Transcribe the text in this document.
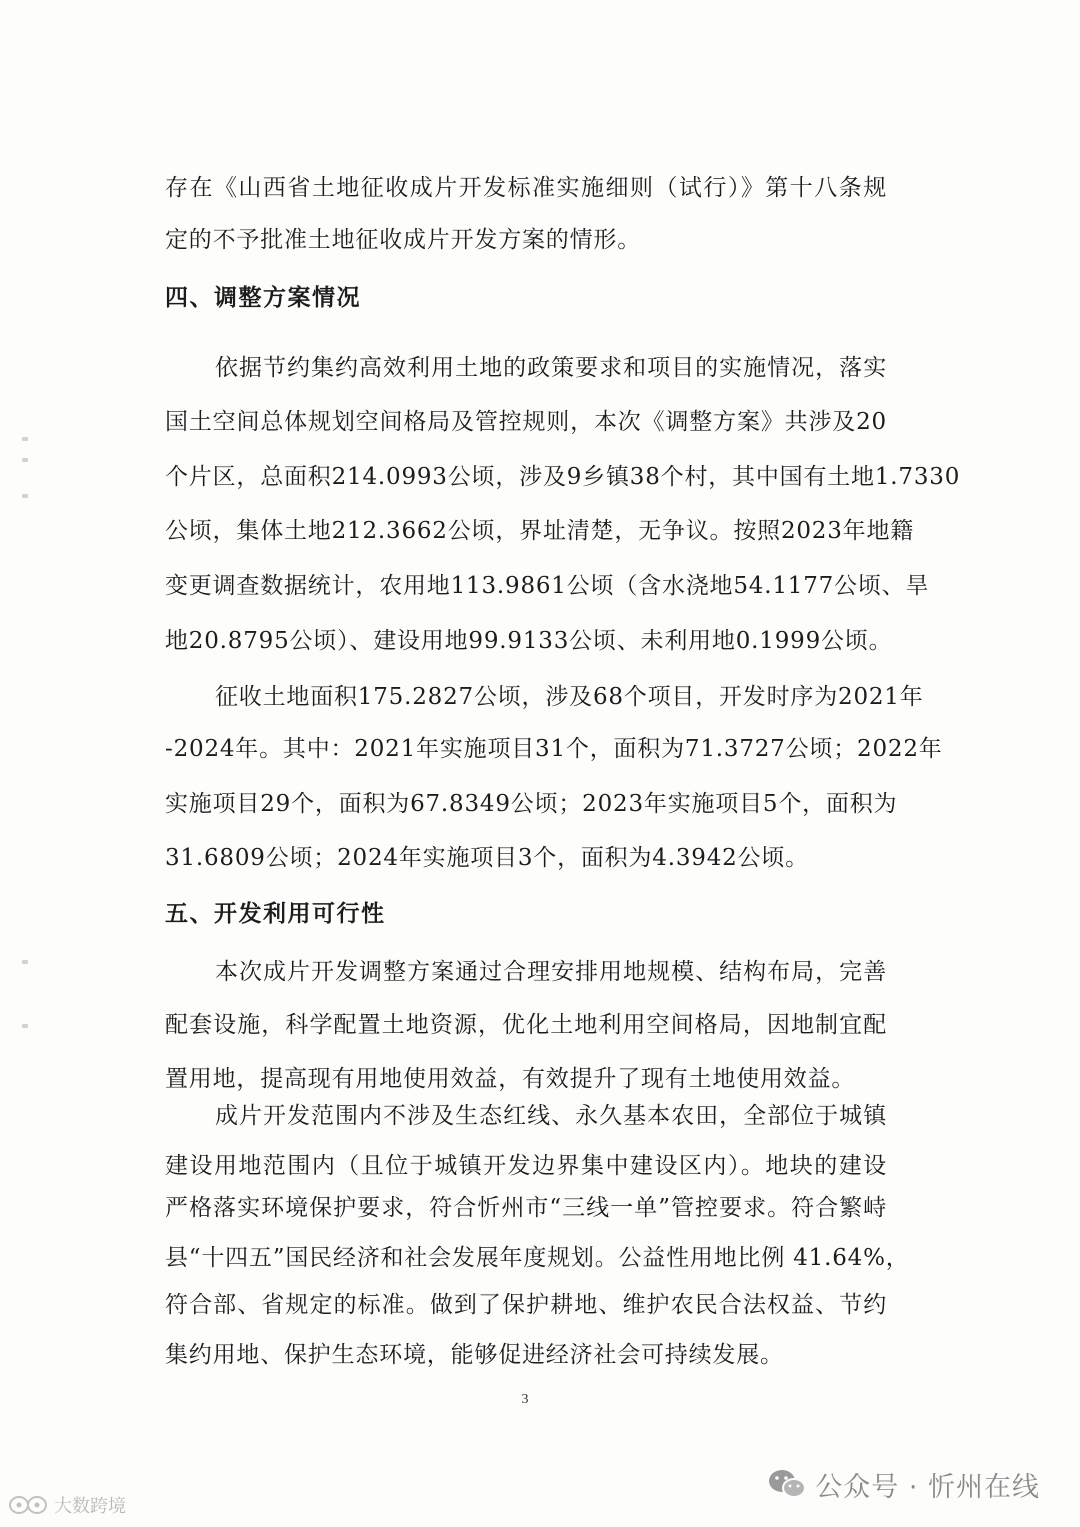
存在《山西省土地征收成片开发标准实施细则（试行）》第十八条规
定的不予批准土地征收成片开发方案的情形。
四、调整方案情况
依据节约集约高效利用土地的政策要求和项目的实施情况，落实
国土空间总体规划空间格局及管控规则，本次《调整方案》共涉及20
个片区，总面积214.0993公顷，涉及9乡镇38个村，其中国有土地1.7330
公顷，集体土地212.3662公顷，界址清楚，无争议。按照2023年地籍
变更调查数据统计，农用地113.9861公顷（含水浇地54.1177公顷、旱
地20.8795公顷）、建设用地99.9133公顷、未利用地0.1999公顷。
征收土地面积175.2827公顷，涉及68个项目，开发时序为2021年
-2024年。其中：2021年实施项目31个，面积为71.3727公顷；2022年
实施项目29个，面积为67.8349公顷；2023年实施项目5个，面积为
31.6809公顷；2024年实施项目3个，面积为4.3942公顷。
五、开发利用可行性
本次成片开发调整方案通过合理安排用地规模、结构布局，完善
配套设施，科学配置土地资源，优化土地利用空间格局，因地制宜配
置用地，提高现有用地使用效益，有效提升了现有土地使用效益。
成片开发范围内不涉及生态红线、永久基本农田，全部位于城镇
建设用地范围内（且位于城镇开发边界集中建设区内）。地块的建设
严格落实环境保护要求，符合忻州市“三线一单”管控要求。符合繁峙
县“十四五”国民经济和社会发展年度规划。公益性用地比例 41.64%，
符合部、省规定的标准。做到了保护耕地、维护农民合法权益、节约
集约用地、保护生态环境，能够促进经济社会可持续发展。
3
公众号 · 忻州在线
大数跨境
